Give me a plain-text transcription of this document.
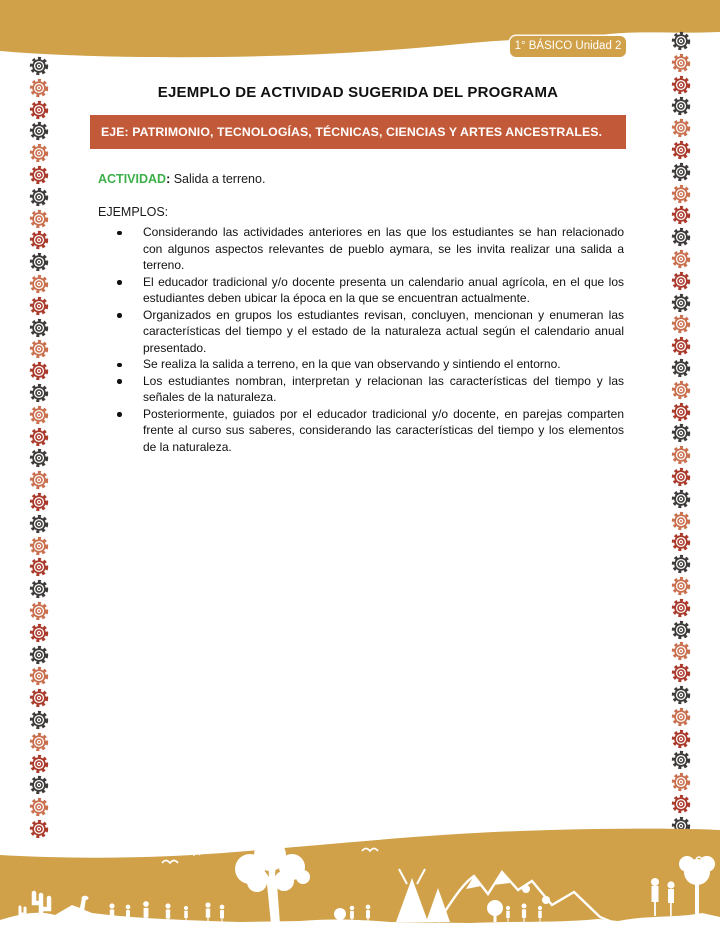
1° BÁSICO Unidad 2
EJEMPLO DE ACTIVIDAD SUGERIDA DEL PROGRAMA
EJE: PATRIMONIO, TECNOLOGÍAS, TÉCNICAS, CIENCIAS Y ARTES ANCESTRALES.
ACTIVIDAD: Salida a terreno.
EJEMPLOS:
Considerando las actividades anteriores en las que los estudiantes se han relacionado con algunos aspectos relevantes de pueblo aymara, se les invita realizar una salida a terreno.
El educador tradicional y/o docente presenta un calendario anual agrícola, en el que los estudiantes deben ubicar la época en la que se encuentran actualmente.
Organizados en grupos los estudiantes revisan, concluyen, mencionan y enumeran las características del tiempo y el estado de la naturaleza actual según el calendario anual presentado.
Se realiza la salida a terreno, en la que van observando y sintiendo el entorno.
Los estudiantes nombran, interpretan y relacionan las características del tiempo y las señales de la naturaleza.
Posteriormente, guiados por el educador tradicional y/o docente, en parejas comparten frente al curso sus saberes, considerando las características del tiempo y los elementos de la naturaleza.
